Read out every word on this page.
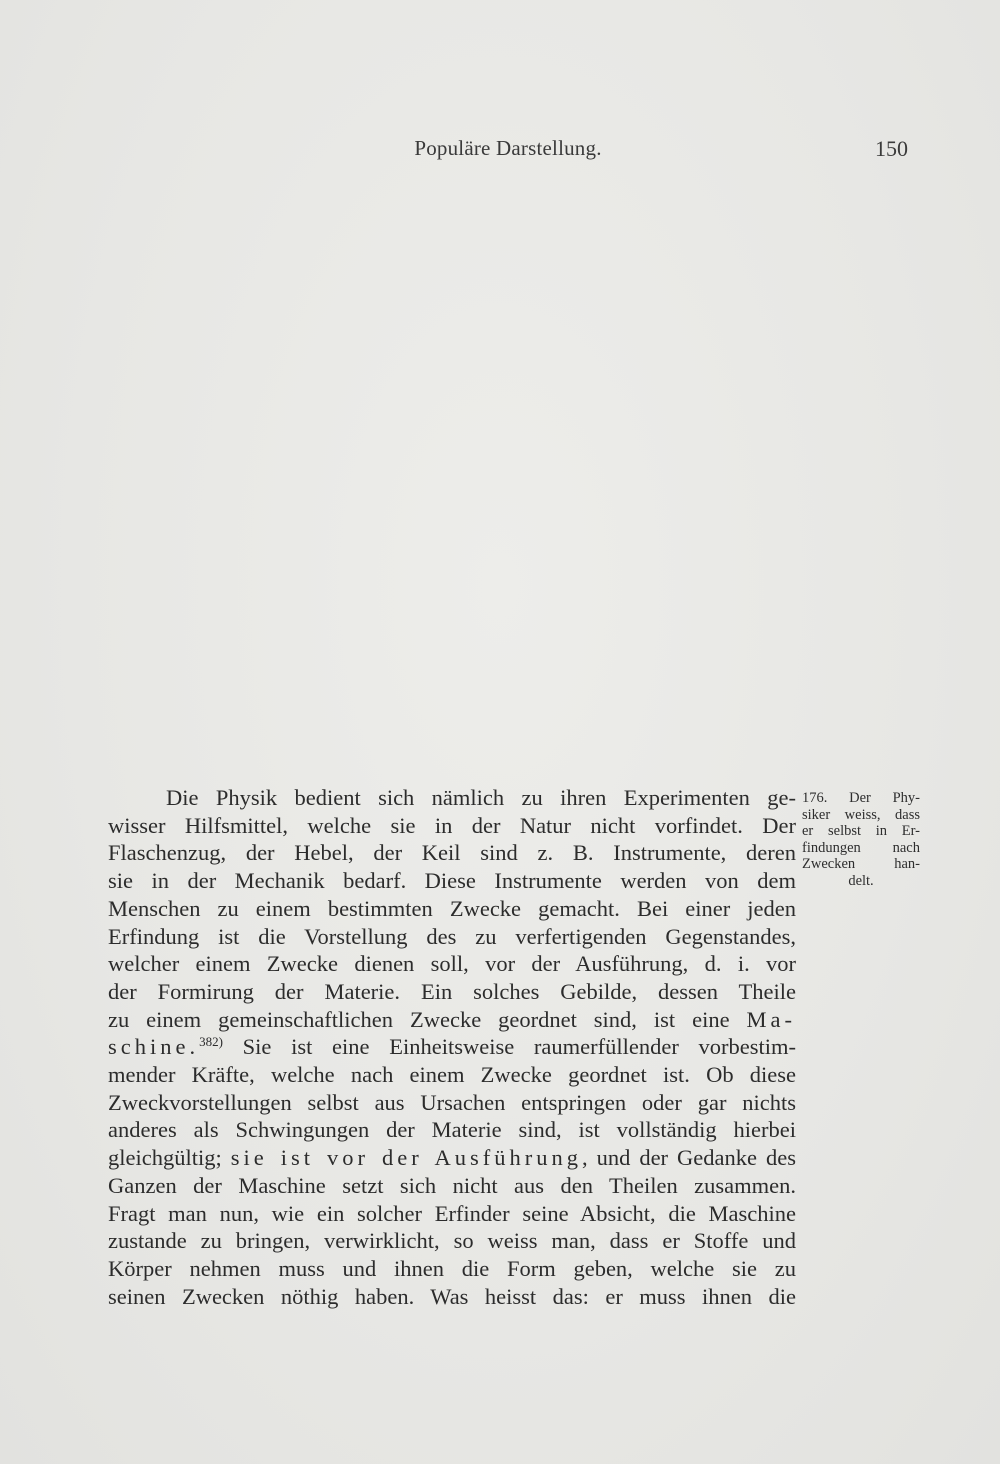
Populäre Darstellung.	150
Die Physik bedient sich nämlich zu ihren Experimenten ge-
wisser Hilfsmittel, welche sie in der Natur nicht vorfindet. Der
Flaschenzug, der Hebel, der Keil sind z. B. Instrumente, deren
sie in der Mechanik bedarf. Diese Instrumente werden von dem
Menschen zu einem bestimmten Zwecke gemacht. Bei einer jeden
Erfindung ist die Vorstellung des zu verfertigenden Gegenstandes,
welcher einem Zwecke dienen soll, vor der Ausführung, d. i. vor
der Formirung der Materie. Ein solches Gebilde, dessen Theile
zu einem gemeinschaftlichen Zwecke geordnet sind, ist eine Ma-
schine.$^{382)}$ Sie ist eine Einheitsweise raumerfüllender vorbestim-
mender Kräfte, welche nach einem Zwecke geordnet ist. Ob diese
Zweckvorstellungen selbst aus Ursachen entspringen oder gar nichts
anderes als Schwingungen der Materie sind, ist vollständig hierbei
gleichgültig; sie ist vor der Ausführung, und der Gedanke des
Ganzen der Maschine setzt sich nicht aus den Theilen zusammen.
Fragt man nun, wie ein solcher Erfinder seine Absicht, die Maschine
zustande zu bringen, verwirklicht, so weiss man, dass er Stoffe und
Körper nehmen muss und ihnen die Form geben, welche sie zu
seinen Zwecken nöthig haben. Was heisst das: er muss ihnen die
176. Der Phy-
siker weiss, dass
er selbst in Er-
findungen nach
Zwecken han-
delt.
